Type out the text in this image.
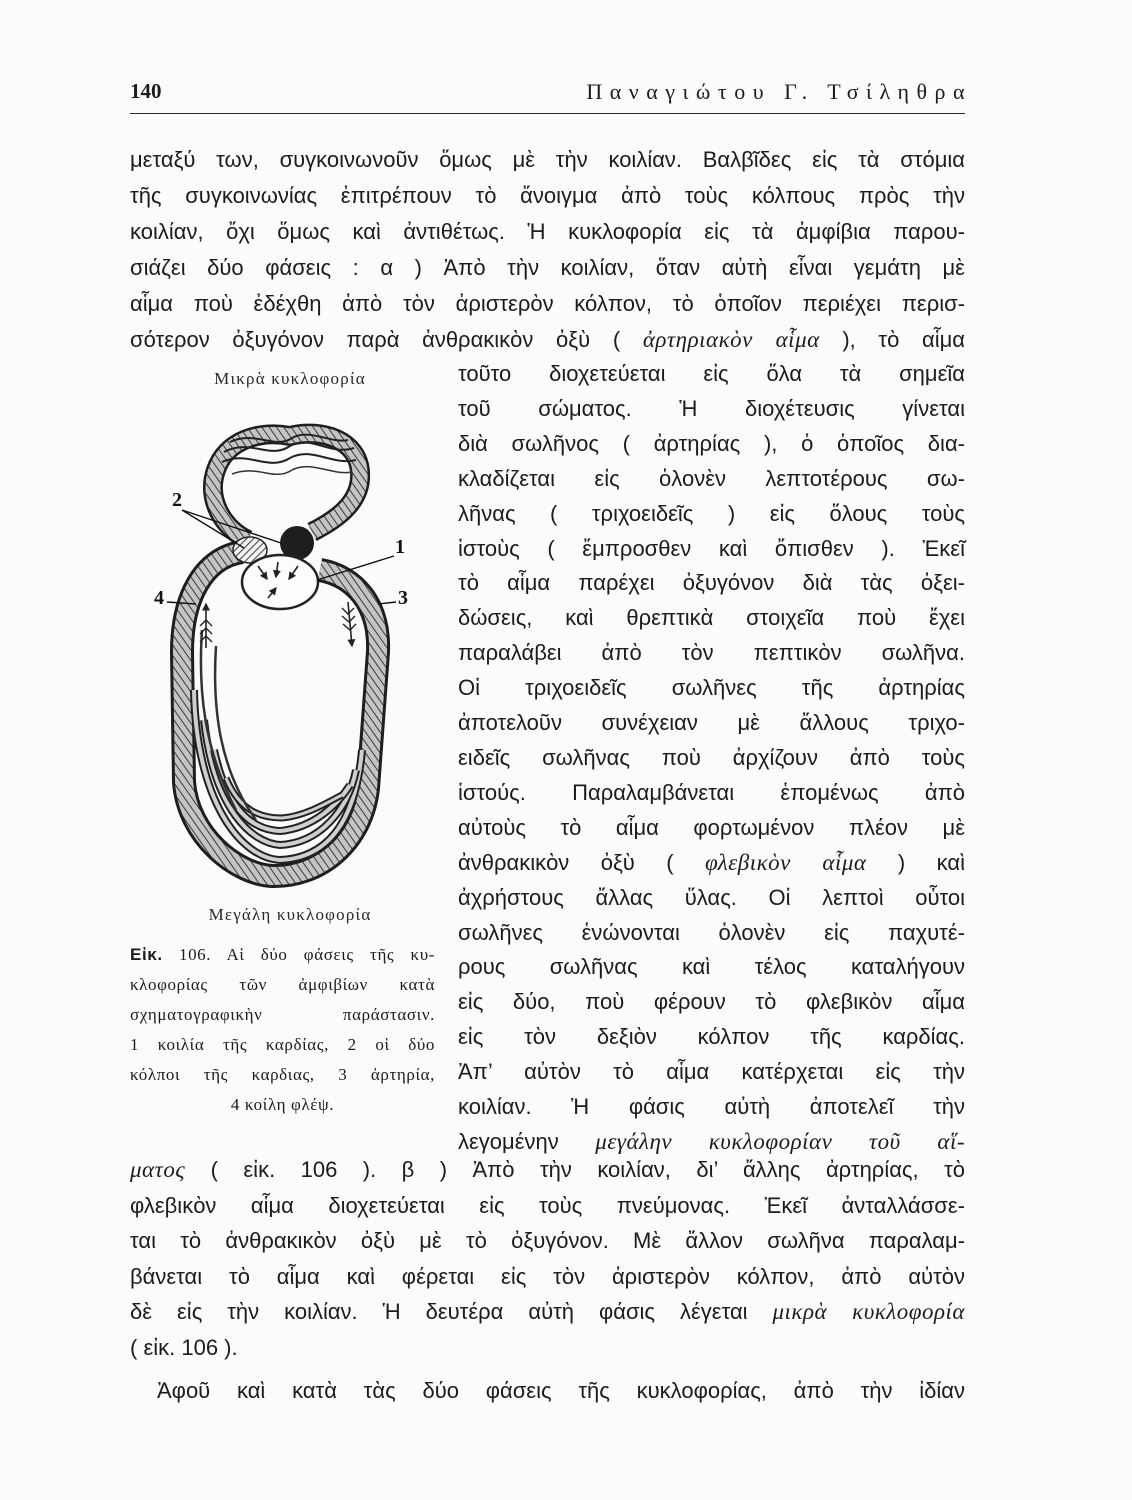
140	Παναγιώτου Γ. Τσίληθρα
μεταξύ των, συγκοινωνοῦν ὅμως μὲ τὴν κοιλίαν. Βαλβῖδες εἰς τὰ στόμια
τῆς συγκοινωνίας ἐπιτρέπουν τὸ ἄνοιγμα ἀπὸ τοὺς κόλπους πρὸς τὴν
κοιλίαν, ὄχι ὅμως καὶ ἀντιθέτως. Ἡ κυκλοφορία εἰς τὰ ἀμφίβια παρου-
σιάζει δύο φάσεις : α ) Ἀπὸ τὴν κοιλίαν, ὅταν αὐτὴ εἶναι γεμάτη μὲ
αἷμα ποὺ ἐδέχθη ἀπὸ τὸν ἀριστερὸν κόλπον, τὸ ὁποῖον περιέχει περισ-
σότερον ὀξυγόνον παρὰ ἀνθρακικὸν ὀξὺ ( ἀρτηριακὸν αἷμα ), τὸ αἷμα
τοῦτο διοχετεύεται εἰς ὅλα τὰ σημεῖα
τοῦ σώματος. Ἡ διοχέτευσις γίνεται
διὰ σωλῆνος ( ἀρτηρίας ), ὁ ὁποῖος δια-
κλαδίζεται εἰς ὁλονὲν λεπτοτέρους σω-
λῆνας ( τριχοειδεῖς ) εἰς ὅλους τοὺς
ἱστοὺς ( ἔμπροσθεν καὶ ὄπισθεν ). Ἐκεῖ
τὸ αἷμα παρέχει ὀξυγόνον διὰ τὰς ὀξει-
δώσεις, καὶ θρεπτικὰ στοιχεῖα ποὺ ἔχει
παραλάβει ἀπὸ τὸν πεπτικὸν σωλῆνα.
Οἱ τριχοειδεῖς σωλῆνες τῆς ἀρτηρίας
ἀποτελοῦν συνέχειαν μὲ ἄλλους τριχο-
ειδεῖς σωλῆνας ποὺ ἀρχίζουν ἀπὸ τοὺς
ἱστούς. Παραλαμβάνεται ἑπομένως ἀπὸ
αὐτοὺς τὸ αἷμα φορτωμένον πλέον μὲ
ἀνθρακικὸν ὀξὺ ( φλεβικὸν αἷμα ) καὶ
ἀχρήστους ἄλλας ὕλας. Οἱ λεπτοὶ οὗτοι
σωλῆνες ἑνώνονται ὁλονὲν εἰς παχυτέ-
ρους σωλῆνας καὶ τέλος καταλήγουν
εἰς δύο, ποὺ φέρουν τὸ φλεβικὸν αἷμα
εἰς τὸν δεξιὸν κόλπον τῆς καρδίας.
Ἀπ’ αὐτὸν τὸ αἷμα κατέρχεται εἰς τὴν
κοιλίαν. Ἡ φάσις αὐτὴ ἀποτελεῖ τὴν
λεγομένην μεγάλην κυκλοφορίαν τοῦ αἵ-
Μικρὰ κυκλοφορία
Μεγάλη κυκλοφορία
2
1
4	3
Εἰκ. 106. Αἱ δύο φάσεις τῆς κυ-
κλοφορίας τῶν ἀμφιβίων κατὰ
σχηματογραφικὴν παράστασιν.
1 κοιλία τῆς καρδίας, 2 οἱ δύο
κόλποι τῆς καρδιας, 3 ἀρτηρία,
4 κοίλη φλέψ.
ματος ( εἰκ. 106 ). β ) Ἀπὸ τὴν κοιλίαν, δι’ ἄλλης ἀρτηρίας, τὸ
φλεβικὸν αἷμα διοχετεύεται εἰς τοὺς πνεύμονας. Ἐκεῖ ἀνταλλάσσε-
ται τὸ ἀνθρακικὸν ὀξὺ μὲ τὸ ὀξυγόνον. Μὲ ἄλλον σωλῆνα παραλαμ-
βάνεται τὸ αἷμα καὶ φέρεται εἰς τὸν ἀριστερὸν κόλπον, ἀπὸ αὐτὸν
δὲ εἰς τὴν κοιλίαν. Ἡ δευτέρα αὐτὴ φάσις λέγεται μικρὰ κυκλοφορία
( εἰκ. 106 ).
Ἀφοῦ καὶ κατὰ τὰς δύο φάσεις τῆς κυκλοφορίας, ἀπὸ τὴν ἰδίαν
